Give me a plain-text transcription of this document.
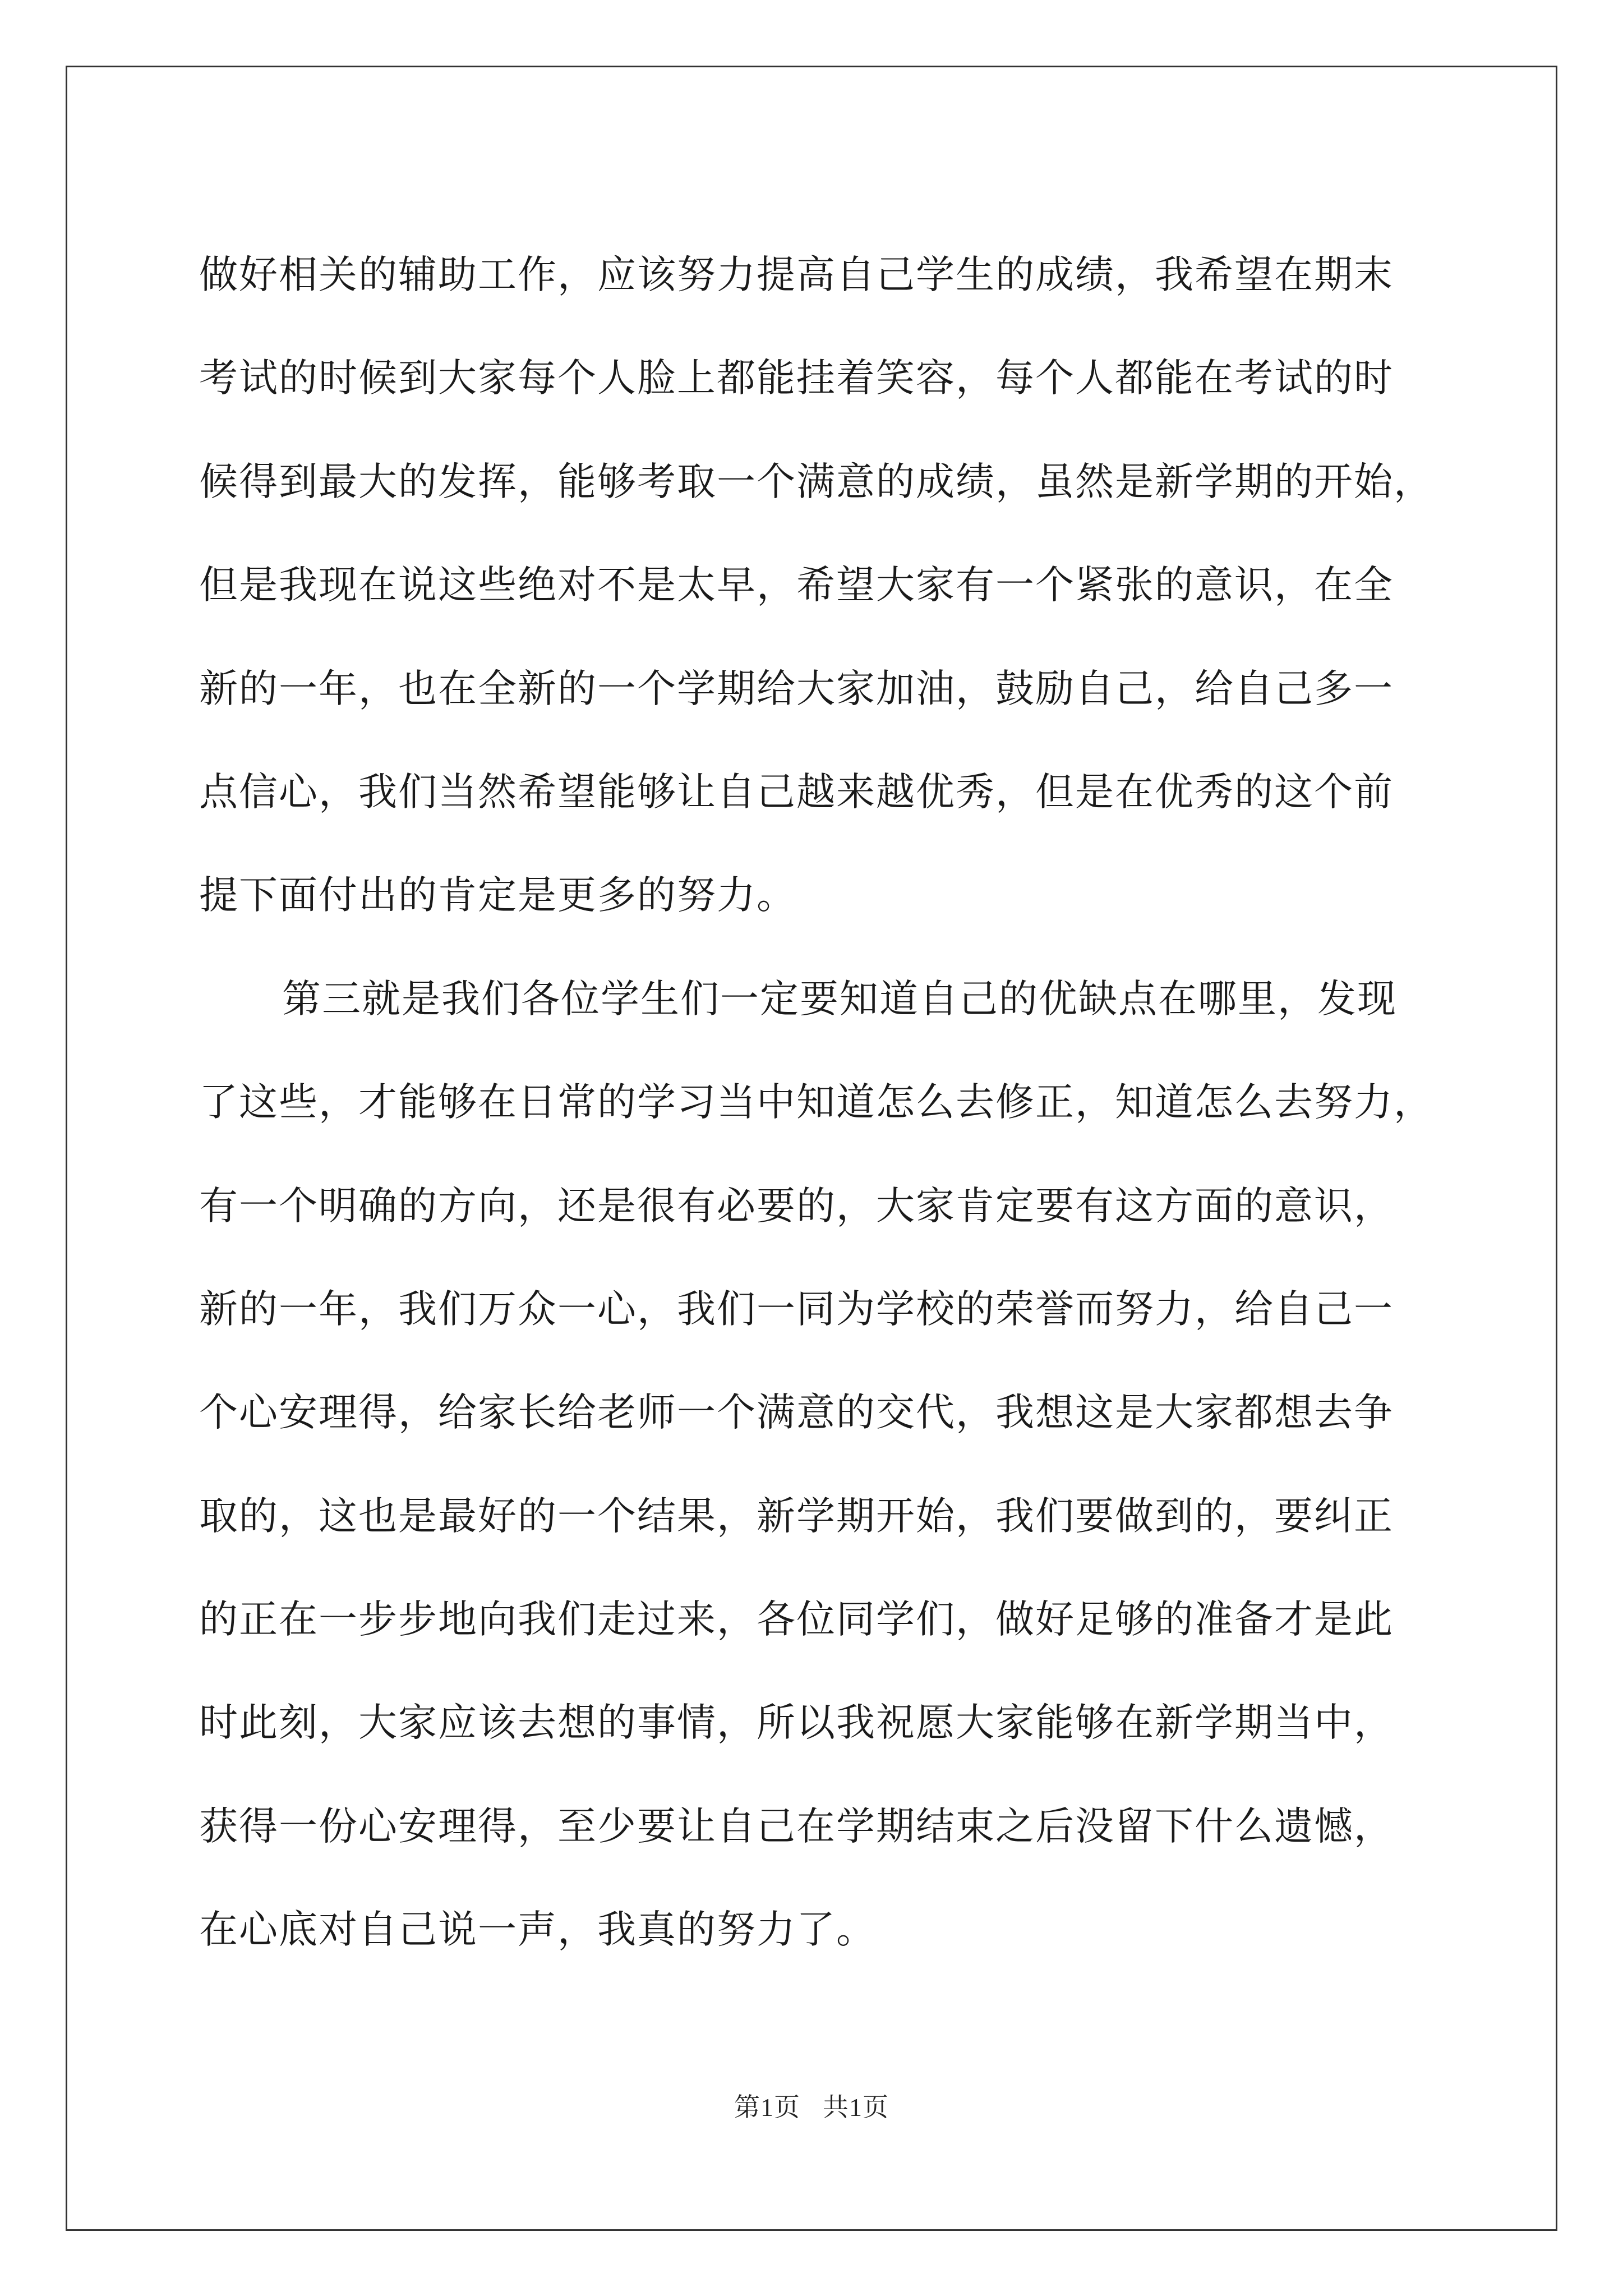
做好相关的辅助工作，应该努力提高自己学生的成绩，我希望在期末
考试的时候到大家每个人脸上都能挂着笑容，每个人都能在考试的时
候得到最大的发挥，能够考取一个满意的成绩，虽然是新学期的开始，
但是我现在说这些绝对不是太早，希望大家有一个紧张的意识，在全
新的一年，也在全新的一个学期给大家加油，鼓励自己，给自己多一
点信心，我们当然希望能够让自己越来越优秀，但是在优秀的这个前
提下面付出的肯定是更多的努力。
第三就是我们各位学生们一定要知道自己的优缺点在哪里，发现
了这些，才能够在日常的学习当中知道怎么去修正，知道怎么去努力，
有一个明确的方向，还是很有必要的，大家肯定要有这方面的意识，
新的一年，我们万众一心，我们一同为学校的荣誉而努力，给自己一
个心安理得，给家长给老师一个满意的交代，我想这是大家都想去争
取的，这也是最好的一个结果，新学期开始，我们要做到的，要纠正
的正在一步步地向我们走过来，各位同学们，做好足够的准备才是此
时此刻，大家应该去想的事情，所以我祝愿大家能够在新学期当中，
获得一份心安理得，至少要让自己在学期结束之后没留下什么遗憾，
在心底对自己说一声，我真的努力了。
第1页 共1页
